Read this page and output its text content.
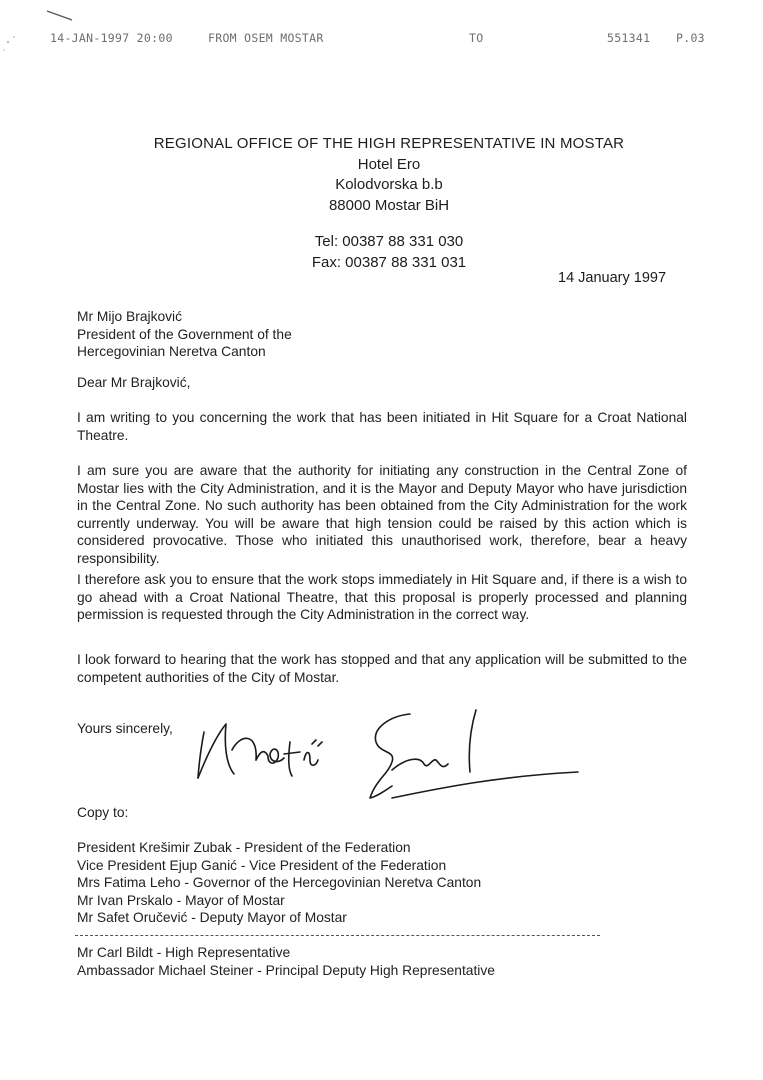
14-JAN-1997 20:00	FROM OSEM MOSTAR	TO	551341 P.03
REGIONAL OFFICE OF THE HIGH REPRESENTATIVE IN MOSTAR
Hotel Ero
Kolodvorska b.b
88000 Mostar BiH
Tel: 00387 88 331 030
Fax: 00387 88 331 031
14 January 1997
Mr Mijo Brajković
President of the Government of the
Hercegovinian Neretva Canton
Dear Mr Brajković,

I am writing to you concerning the work that has been initiated in Hit Square for a Croat National Theatre.

I am sure you are aware that the authority for initiating any construction in the Central Zone of Mostar lies with the City Administration, and it is the Mayor and Deputy Mayor who have jurisdiction in the Central Zone. No such authority has been obtained from the City Administration for the work currently underway. You will be aware that high tension could be raised by this action which is considered provocative. Those who initiated this unauthorised work, therefore, bear a heavy responsibility.

I therefore ask you to ensure that the work stops immediately in Hit Square and, if there is a wish to go ahead with a Croat National Theatre, that this proposal is properly processed and planning permission is requested through the City Administration in the correct way.

I look forward to hearing that the work has stopped and that any application will be submitted to the competent authorities of the City of Mostar.

Yours sincerely,
Copy to:
President Krešimir Zubak - President of the Federation
Vice President Ejup Ganić - Vice President of the Federation
Mrs Fatima Leho - Governor of the Hercegovinian Neretva Canton
Mr Ivan Prskalo - Mayor of Mostar
Mr Safet Oručević - Deputy Mayor of Mostar
Mr Carl Bildt - High Representative
Ambassador Michael Steiner - Principal Deputy High Representative
